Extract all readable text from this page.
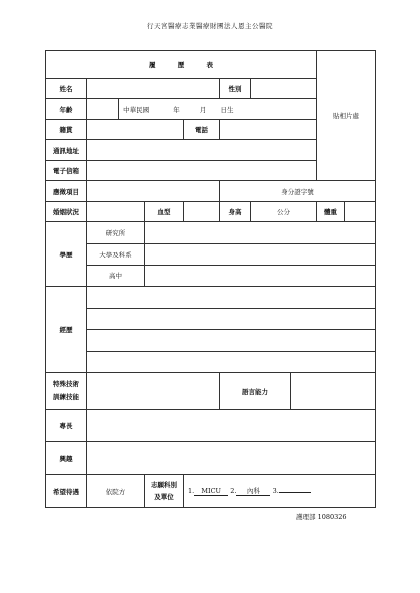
行天宮醫療志業醫療財團法人恩主公醫院
履 歷 表								貼相片處	
姓名					性別				
年齡		中華民國 年 月 日生							
籍貫				電話					
通訊地址									
電子信箱									
應徵項目					身分證字號				
婚姻狀況			血型		身高	公分		體重	
學歷	研究所								
	大學及科系								
	高中								
經歷									

特殊技術
訓練技能					語言能力				
專長									
興趣									
希望待遇	依院方		志願科別
及單位	1. MICU 2. 內科 3.					
護理部 1080326
